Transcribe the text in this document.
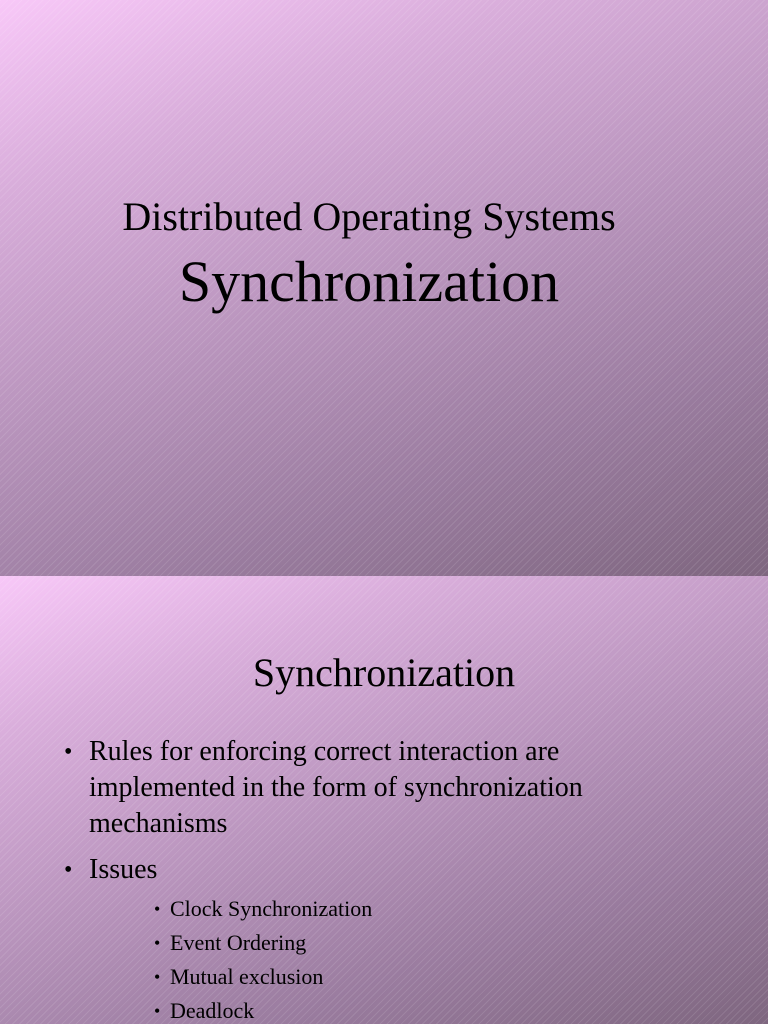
Distributed Operating Systems
Synchronization
Synchronization
• Rules for enforcing correct interaction are implemented in the form of synchronization mechanisms
• Issues
• Clock Synchronization
• Event Ordering
• Mutual exclusion
• Deadlock
